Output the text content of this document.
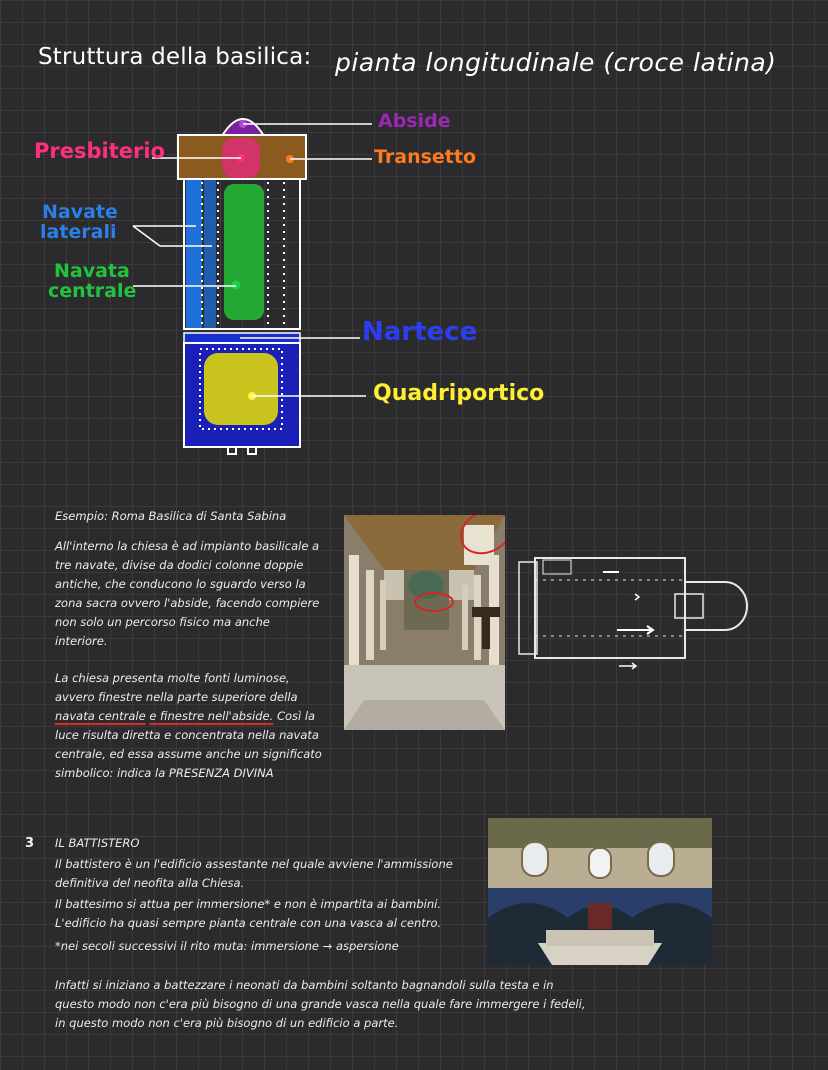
Struttura della basilica: pianta longitudinale (croce latina)
Abside
Presbiterio	Transetto
Navate
laterali
Navata
centrale
Nartece
Quadriportico
Esempio: Roma Basilica di Santa Sabina
All'interno la chiesa è ad impianto basilicale a tre navate, divise da dodici colonne doppie antiche, che conducono lo sguardo verso la zona sacra ovvero l'abside, facendo compiere non solo un percorso fisico ma anche interiore.
La chiesa presenta molte fonti luminose, avvero finestre nella parte superiore della navata centrale e finestre nell'abside. Così la luce risulta diretta e concentrata nella navata centrale, ed essa assume anche un significato simbolico: indica la PRESENZA DIVINA
3 IL BATTISTERO
Il battistero è un l'edificio assestante nel quale avviene l'ammissione definitiva del neofita alla Chiesa.
Il battesimo si attua per immersione* e non è impartita ai bambini.
L'edificio ha quasi sempre pianta centrale con una vasca al centro.
*nei secoli successivi il rito muta: immersione → aspersione
Infatti si iniziano a battezzare i neonati da bambini soltanto bagnandoli sulla testa e in questo modo non c'era più bisogno di una grande vasca nella quale fare immergere i fedeli, in questo modo non c'era più bisogno di un edificio a parte.
